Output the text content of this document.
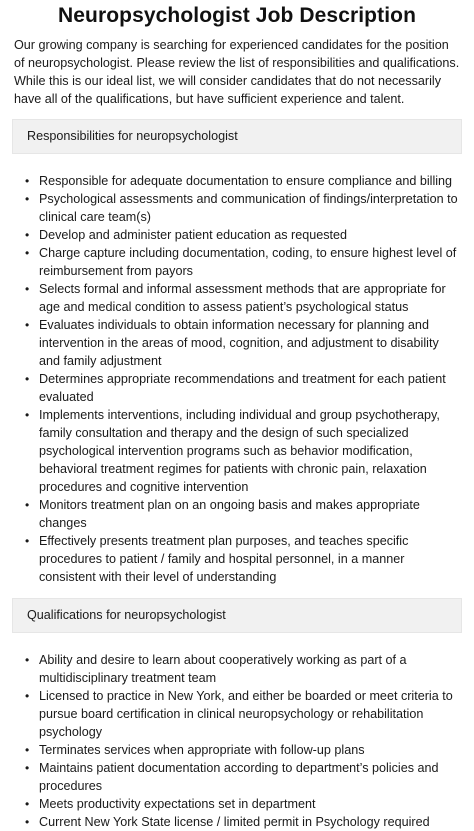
Neuropsychologist Job Description

Our growing company is searching for experienced candidates for the position of neuropsychologist. Please review the list of responsibilities and qualifications. While this is our ideal list, we will consider candidates that do not necessarily have all of the qualifications, but have sufficient experience and talent.

Responsibilities for neuropsychologist
• Responsible for adequate documentation to ensure compliance and billing
• Psychological assessments and communication of findings/interpretation to clinical care team(s)
• Develop and administer patient education as requested
• Charge capture including documentation, coding, to ensure highest level of reimbursement from payors
• Selects formal and informal assessment methods that are appropriate for age and medical condition to assess patient’s psychological status
• Evaluates individuals to obtain information necessary for planning and intervention in the areas of mood, cognition, and adjustment to disability and family adjustment
• Determines appropriate recommendations and treatment for each patient evaluated
• Implements interventions, including individual and group psychotherapy, family consultation and therapy and the design of such specialized psychological intervention programs such as behavior modification, behavioral treatment regimes for patients with chronic pain, relaxation procedures and cognitive intervention
• Monitors treatment plan on an ongoing basis and makes appropriate changes
• Effectively presents treatment plan purposes, and teaches specific procedures to patient / family and hospital personnel, in a manner consistent with their level of understanding
Qualifications for neuropsychologist
• Ability and desire to learn about cooperatively working as part of a multidisciplinary treatment team
• Licensed to practice in New York, and either be boarded or meet criteria to pursue board certification in clinical neuropsychology or rehabilitation psychology
• Terminates services when appropriate with follow-up plans
• Maintains patient documentation according to department’s policies and procedures
• Meets productivity expectations set in department
• Current New York State license / limited permit in Psychology required
